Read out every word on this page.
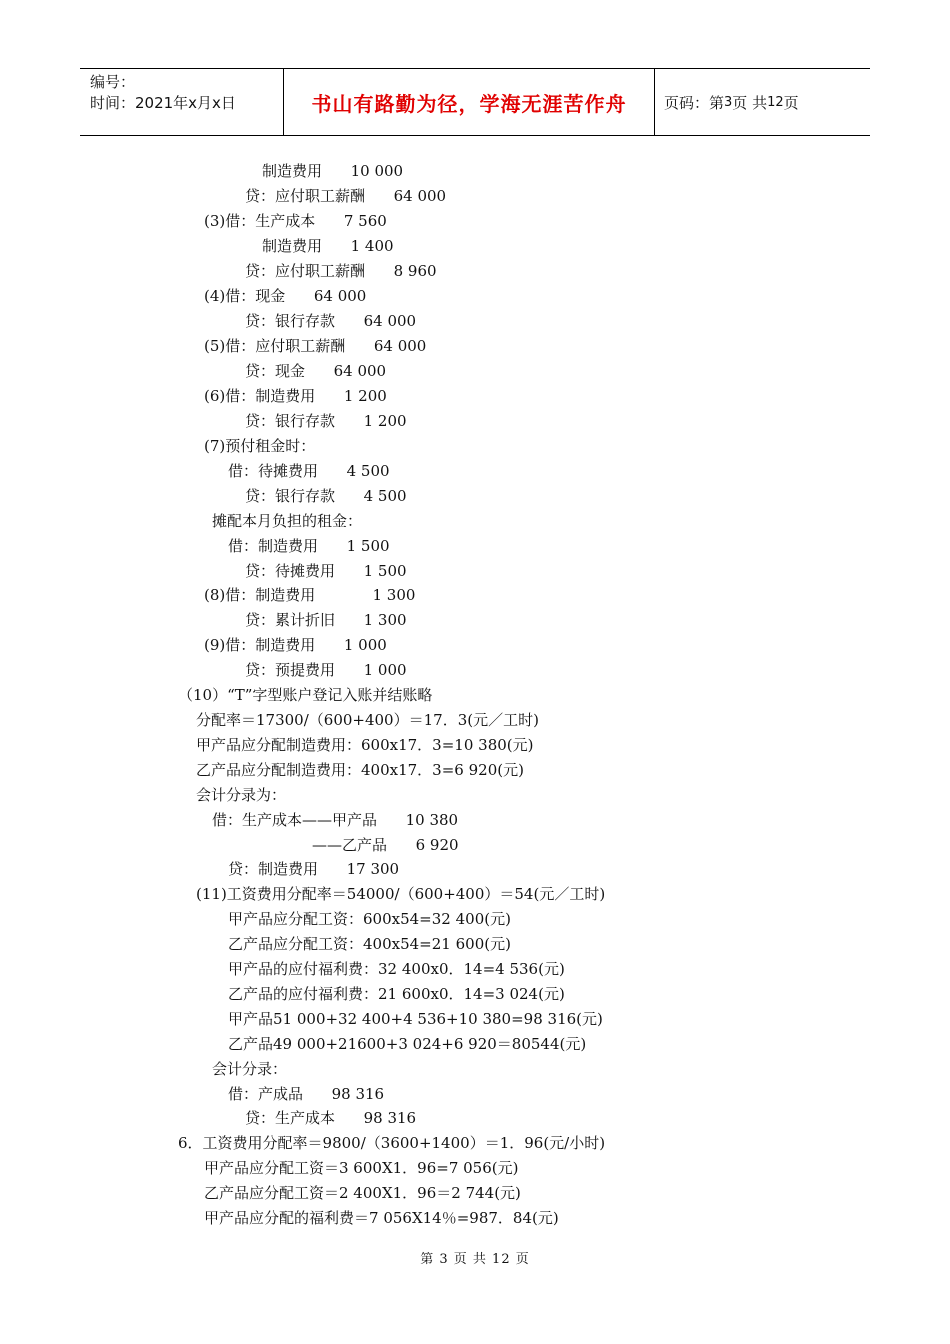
编号：
时间：2021年x月x日	书山有路勤为径，学海无涯苦作舟	页码：第 3 页 共 12 页
制造费用      10 000
贷：应付职工薪酬      64 000
(3)借：生产成本      7 560
制造费用      1 400
贷：应付职工薪酬      8 960
(4)借：现金      64 000
贷：银行存款      64 000
(5)借：应付职工薪酬      64 000
贷：现金      64 000
(6)借：制造费用      1 200
贷：银行存款      1 200
(7)预付租金时：
借：待摊费用      4 500
贷：银行存款      4 500
摊配本月负担的租金：
借：制造费用      1 500
贷：待摊费用      1 500
(8)借：制造费用            1 300
贷：累计折旧      1 300
(9)借：制造费用      1 000
贷：预提费用      1 000
（10）“T”字型账户登记入账并结账略
分配率＝17300/（600+400）＝17．3(元／工时)
甲产品应分配制造费用：600x17．3=10 380(元)
乙产品应分配制造费用：400x17．3=6 920(元)
会计分录为：
借：生产成本——甲产品      10 380
——乙产品      6 920
贷：制造费用      17 300
(11)工资费用分配率＝54000/（600+400）＝54(元／工时)
甲产品应分配工资：600x54=32 400(元)
乙产品应分配工资：400x54=21 600(元)
甲产品的应付福利费：32 400x0．14=4 536(元)
乙产品的应付福利费：21 600x0．14=3 024(元)
甲产品51 000+32 400+4 536+10 380=98 316(元)
乙产品49 000+21600+3 024+6 920＝80544(元)
会计分录：
借：产成品      98 316
贷：生产成本      98 316
6．工资费用分配率＝9800/（3600+1400）＝1．96(元/小时)
甲产品应分配工资＝3 600X1．96=7 056(元)
乙产品应分配工资＝2 400X1．96＝2 744(元)
甲产品应分配的福利费＝7 056X14％=987．84(元)
第 3 页 共 12 页
